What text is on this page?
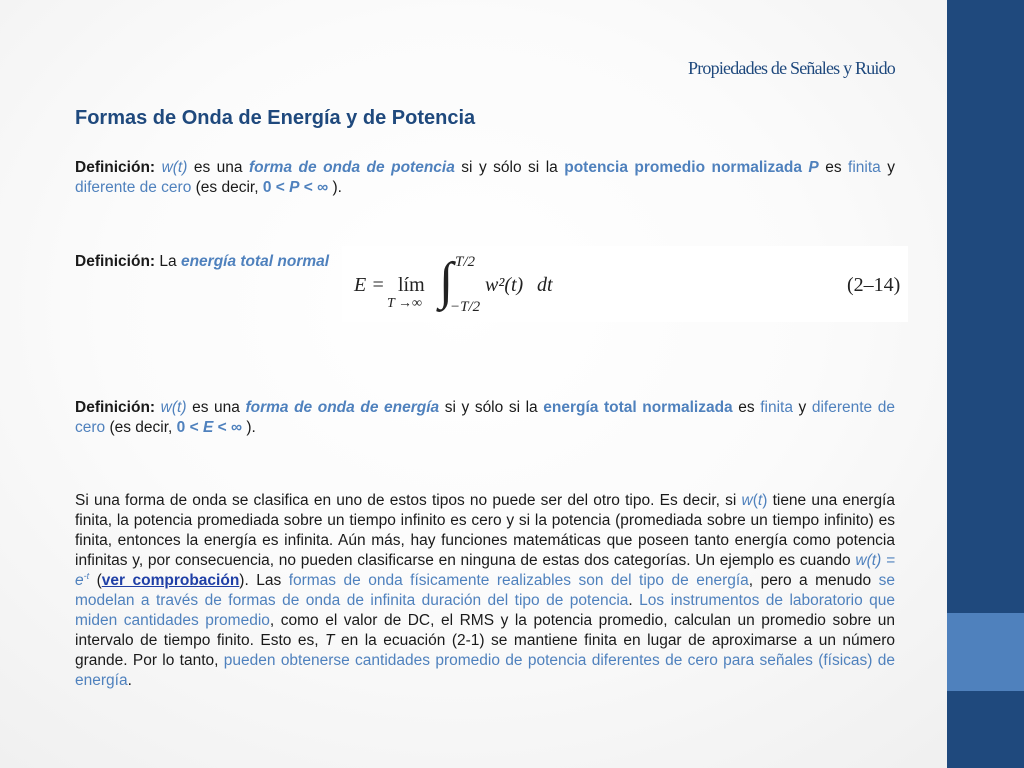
Propiedades de Señales y Ruido
Formas de Onda de Energía y de Potencia

Definición: w(t) es una forma de onda de potencia si y sólo si la potencia promedio normalizada P es finita y diferente de cero (es decir, 0 < P < ∞ ).

Definición: La energía total normal

E = lím
T →∞ ∫ T/2
−T/2
w²(t) dt	(2–14)

Definición: w(t) es una forma de onda de energía si y sólo si la energía total normalizada es finita y diferente de cero (es decir, 0 < E < ∞ ).

Si una forma de onda se clasifica en uno de estos tipos no puede ser del otro tipo. Es decir, si w(t) tiene una energía finita, la potencia promediada sobre un tiempo infinito es cero y si la potencia (promediada sobre un tiempo infinito) es finita, entonces la energía es infinita. Aún más, hay funciones matemáticas que poseen tanto energía como potencia infinitas y, por consecuencia, no pueden clasificarse en ninguna de estas dos categorías. Un ejemplo es cuando $w(t) = e^{-t}$ (ver comprobación). Las formas de onda físicamente realizables son del tipo de energía, pero a menudo se modelan a través de formas de onda de infinita duración del tipo de potencia. Los instrumentos de laboratorio que miden cantidades promedio, como el valor de DC, el RMS y la potencia promedio, calculan un promedio sobre un intervalo de tiempo finito. Esto es, T en la ecuación (2-1) se mantiene finita en lugar de aproximarse a un número grande. Por lo tanto, pueden obtenerse cantidades promedio de potencia diferentes de cero para señales (físicas) de energía.
